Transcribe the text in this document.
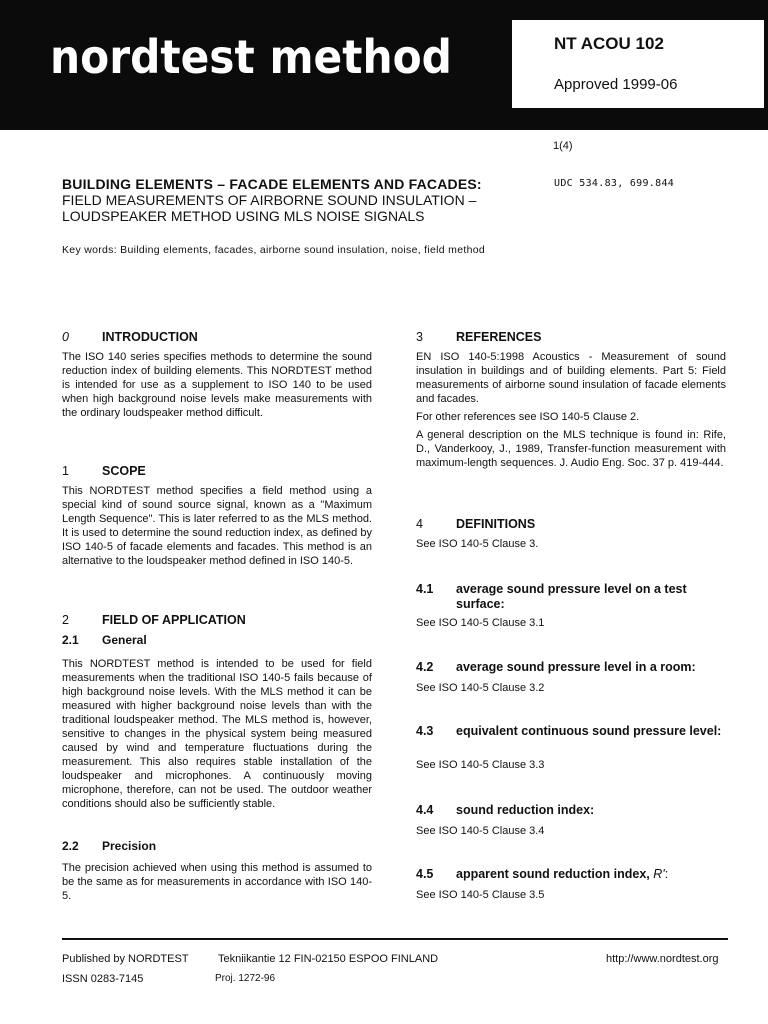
nordtest method	NT ACOU 102
Approved 1999-06
1(4)
BUILDING ELEMENTS – FACADE ELEMENTS AND FACADES:
FIELD MEASUREMENTS OF AIRBORNE SOUND INSULATION –
LOUDSPEAKER METHOD USING MLS NOISE SIGNALS
UDC 534.83, 699.844
Key words: Building elements, facades, airborne sound insulation, noise, field method
0	INTRODUCTION

The ISO 140 series specifies methods to determine the sound reduction index of building elements. This NORDTEST method is intended for use as a supplement to ISO 140 to be used when high background noise levels make measurements with the ordinary loudspeaker method difficult.

1	SCOPE

This NORDTEST method specifies a field method using a special kind of sound source signal, known as a "Maximum Length Sequence". This is later referred to as the MLS method. It is used to determine the sound reduction index, as defined by ISO 140-5 of facade elements and facades. This method is an alternative to the loudspeaker method defined in ISO 140-5.

2	FIELD OF APPLICATION
2.1 General

This NORDTEST method is intended to be used for field measurements when the traditional ISO 140-5 fails because of high background noise levels. With the MLS method it can be measured with higher background noise levels than with the traditional loudspeaker method. The MLS method is, however, sensitive to changes in the physical system being measured caused by wind and temperature fluctuations during the measurement. This also requires stable installation of the loudspeaker and microphones. A continuously moving microphone, therefore, can not be used. The outdoor weather conditions should also be sufficiently stable.

2.2 Precision

The precision achieved when using this method is assumed to be the same as for measurements in accordance with ISO 140-5.

3	REFERENCES

EN ISO 140-5:1998 Acoustics - Measurement of sound insulation in buildings and of building elements. Part 5: Field measurements of airborne sound insulation of facade elements and facades.

For other references see ISO 140-5 Clause 2.

A general description on the MLS technique is found in: Rife, D., Vanderkooy, J., 1989, Transfer-function measurement with maximum-length sequences. J. Audio Eng. Soc. 37 p. 419-444.

4	DEFINITIONS

See ISO 140-5 Clause 3.

4.1 average sound pressure level on a test surface:

See ISO 140-5 Clause 3.1

4.2 average sound pressure level in a room:

See ISO 140-5 Clause 3.2

4.3 equivalent continuous sound pressure level:

See ISO 140-5 Clause 3.3

4.4 sound reduction index:

See ISO 140-5 Clause 3.4

4.5 apparent sound reduction index, R':

See ISO 140-5 Clause 3.5

Published by NORDTEST	Tekniikantie 12 FIN-02150 ESPOO FINLAND	http://www.nordtest.org
ISSN 0283-7145	Proj. 1272-96
